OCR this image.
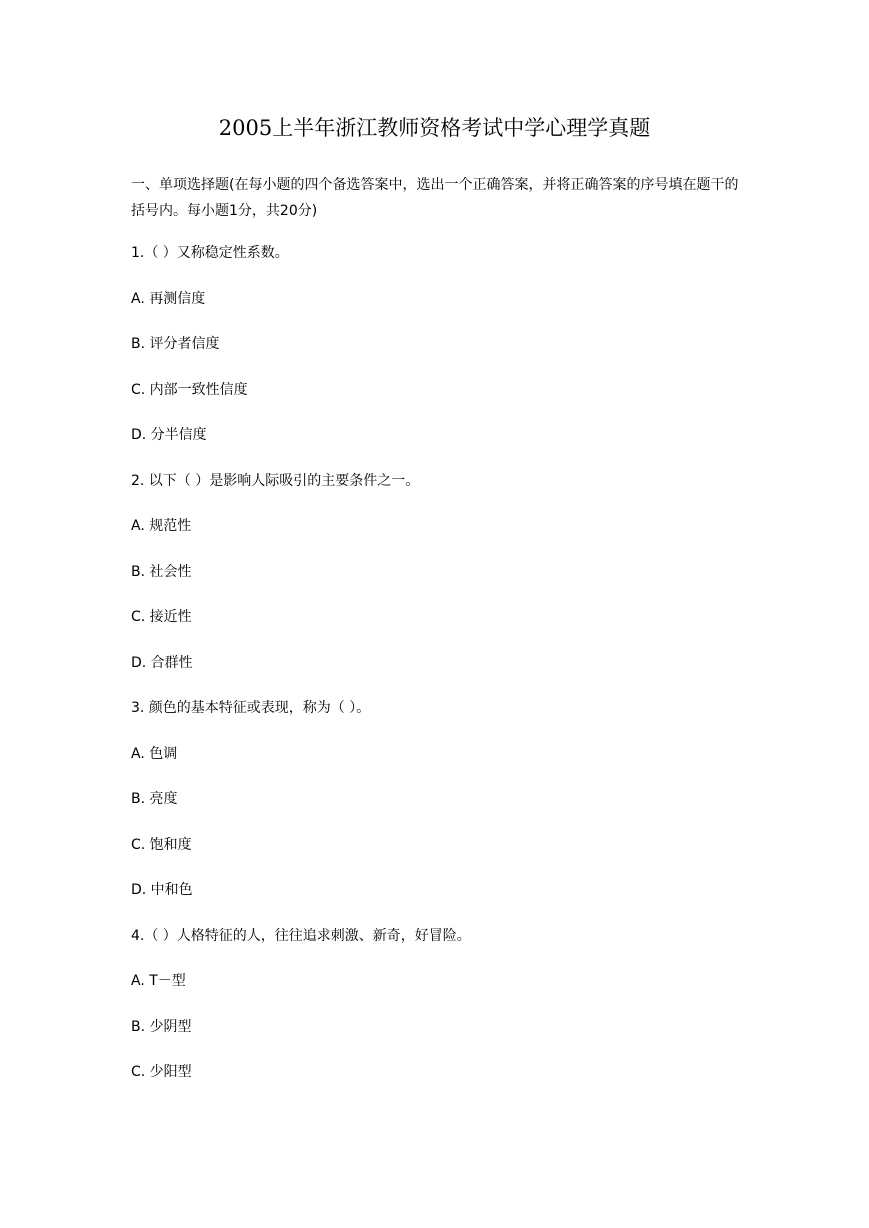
2005上半年浙江教师资格考试中学心理学真题
一、单项选择题(在每小题的四个备选答案中，选出一个正确答案，并将正确答案的序号填在题干的括号内。每小题1分，共20分)
1.（ ）又称稳定性系数。
A. 再测信度
B. 评分者信度
C. 内部一致性信度
D. 分半信度
2. 以下（ ）是影响人际吸引的主要条件之一。
A. 规范性
B. 社会性
C. 接近性
D. 合群性
3. 颜色的基本特征或表现，称为（ ）。
A. 色调
B. 亮度
C. 饱和度
D. 中和色
4.（ ）人格特征的人，往往追求刺激、新奇，好冒险。
A. T－型
B. 少阴型
C. 少阳型
